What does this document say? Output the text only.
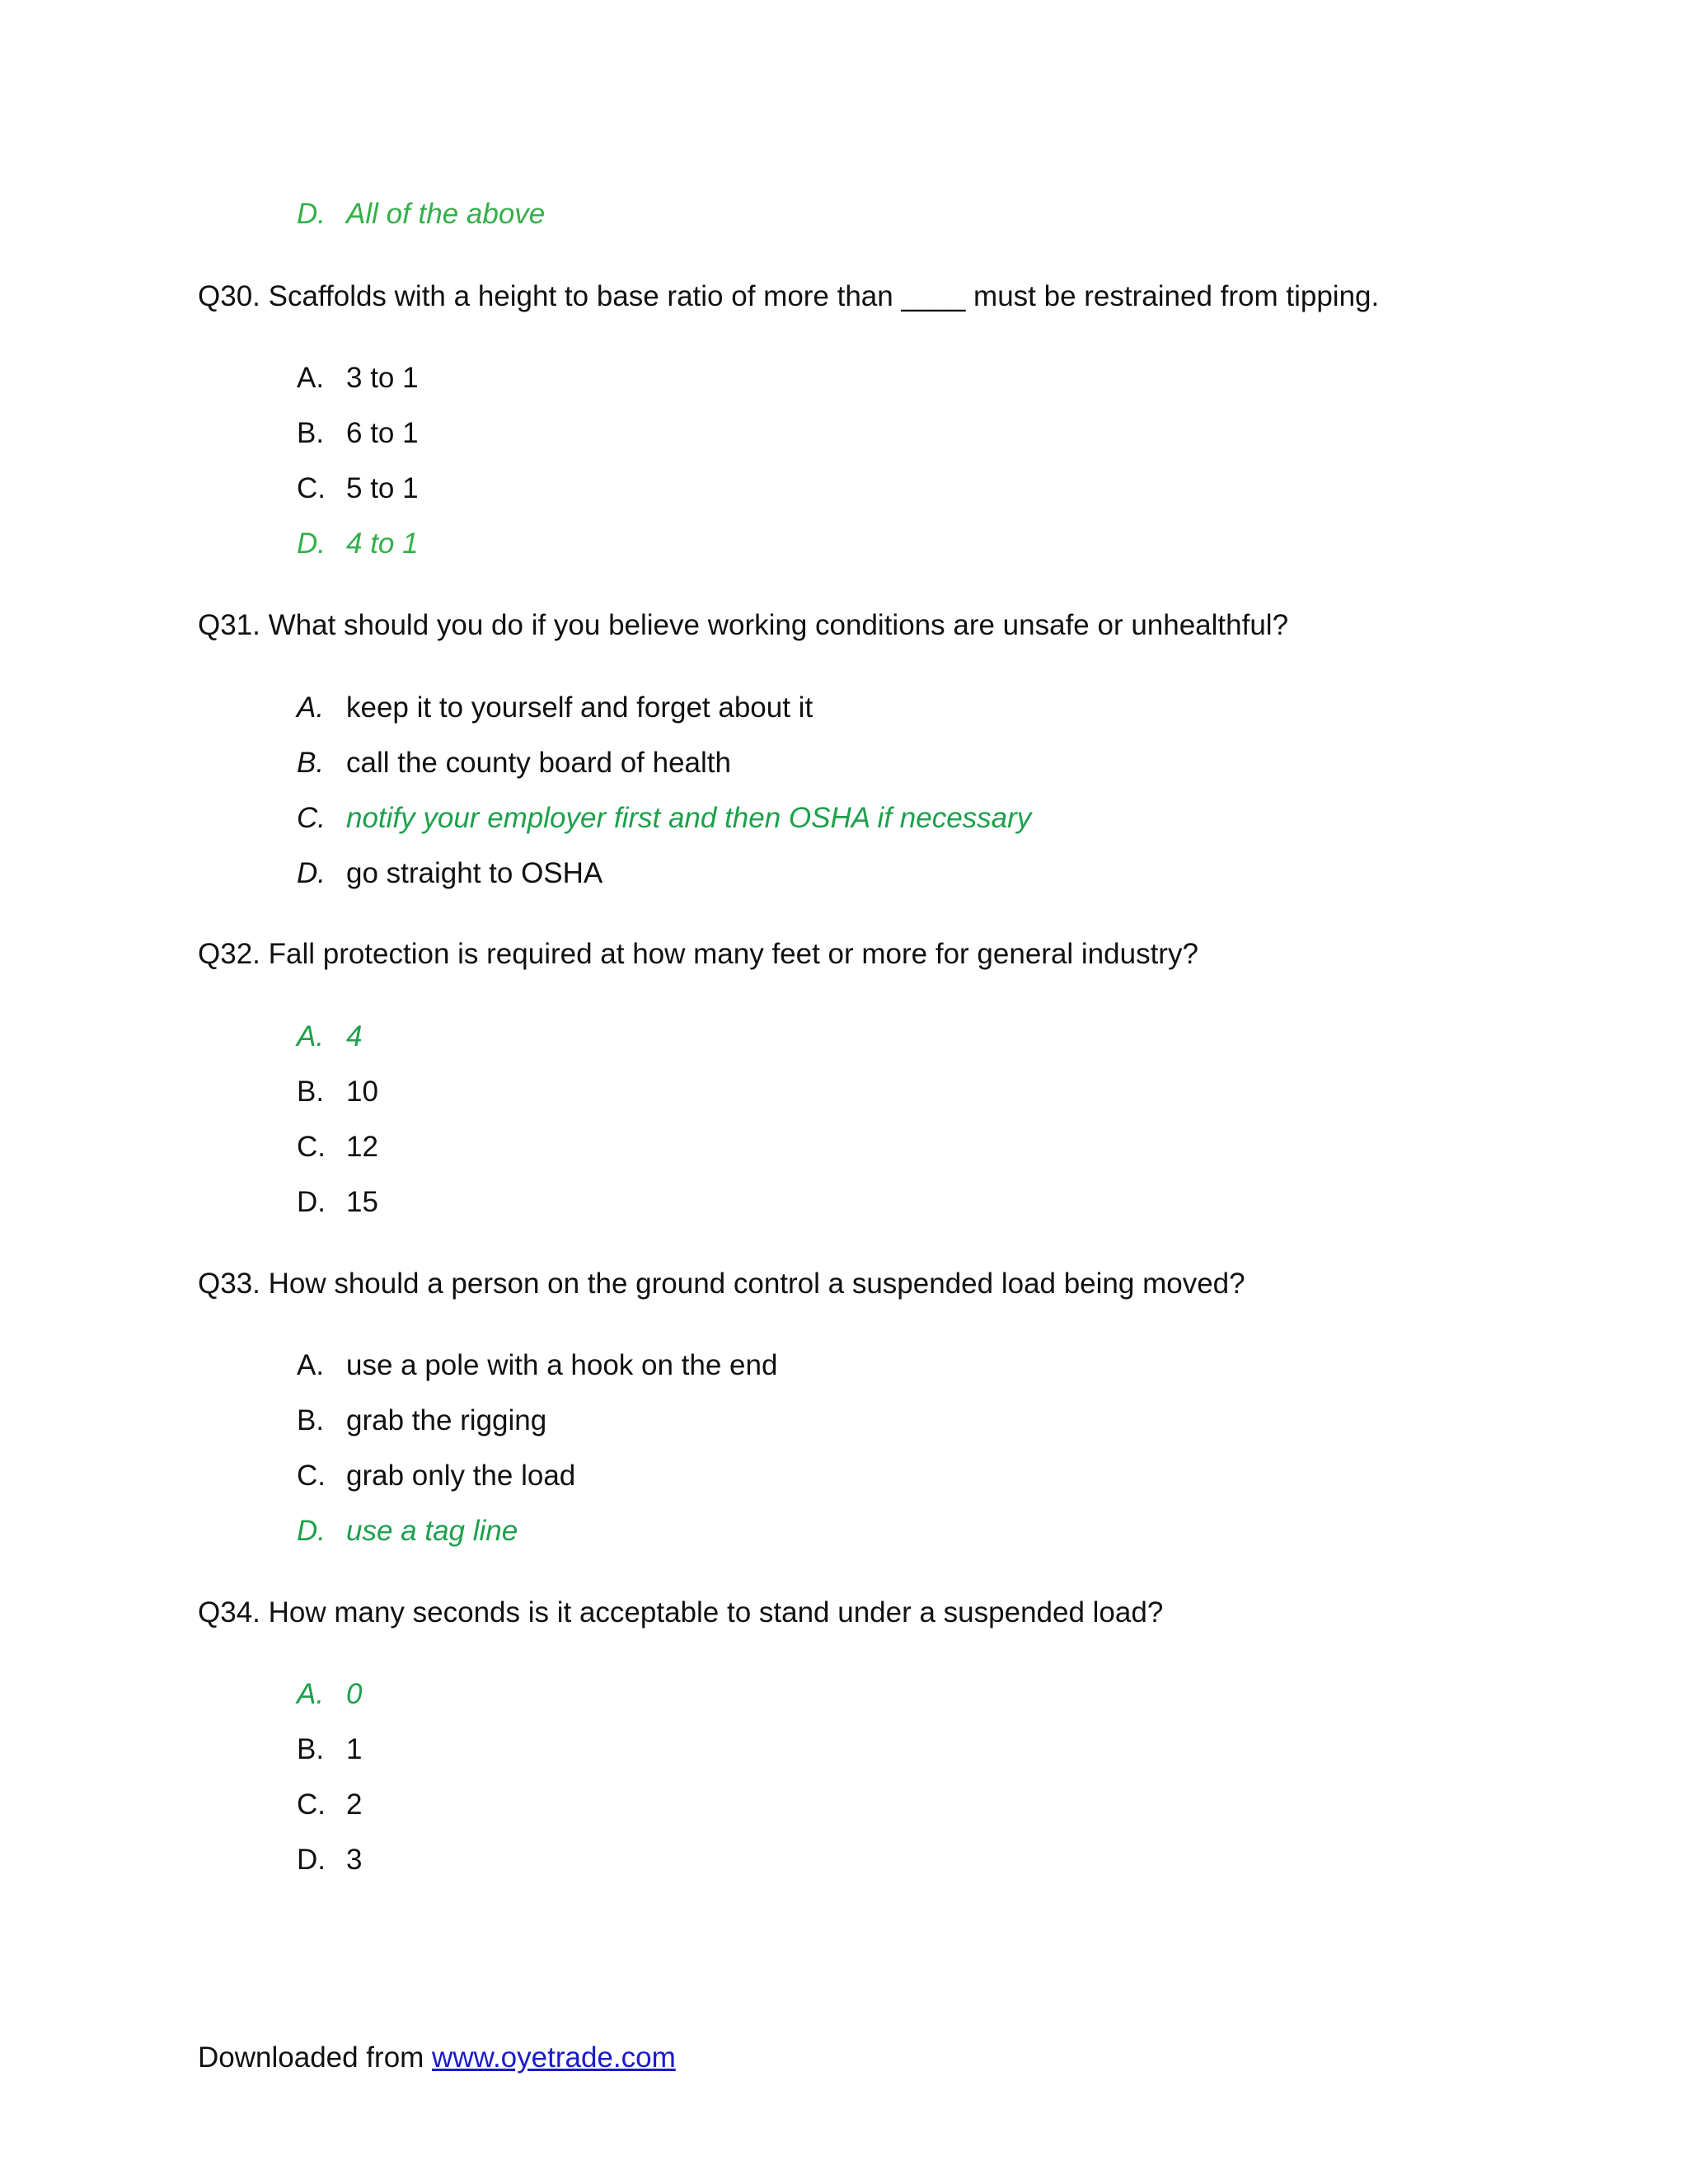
D. All of the above
Q30. Scaffolds with a height to base ratio of more than ____ must be restrained from tipping.
A. 3 to 1
B. 6 to 1
C. 5 to 1
D. 4 to 1
Q31. What should you do if you believe working conditions are unsafe or unhealthful?
A. keep it to yourself and forget about it
B. call the county board of health
C. notify your employer first and then OSHA if necessary
D. go straight to OSHA
Q32. Fall protection is required at how many feet or more for general industry?
A. 4
B. 10
C. 12
D. 15
Q33. How should a person on the ground control a suspended load being moved?
A. use a pole with a hook on the end
B. grab the rigging
C. grab only the load
D. use a tag line
Q34. How many seconds is it acceptable to stand under a suspended load?
A. 0
B. 1
C. 2
D. 3
Downloaded from www.oyetrade.com
